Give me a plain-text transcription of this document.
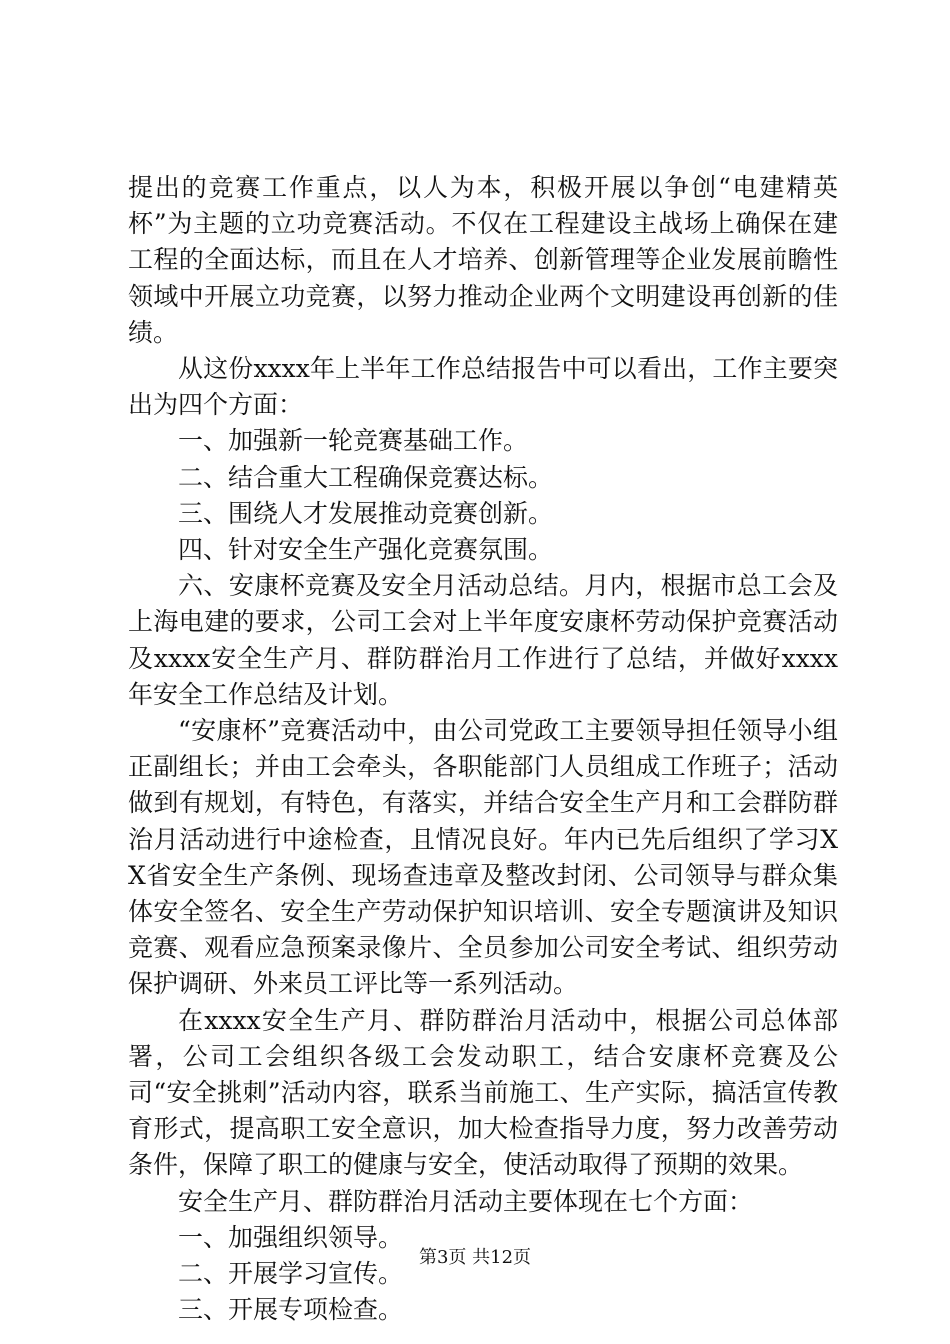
提出的竞赛工作重点，以人为本，积极开展以争创“电建精英杯”为主题的立功竞赛活动。不仅在工程建设主战场上确保在建工程的全面达标，而且在人才培养、创新管理等企业发展前瞻性领域中开展立功竞赛，以努力推动企业两个文明建设再创新的佳绩。

从这份xxxx年上半年工作总结报告中可以看出，工作主要突出为四个方面：

一、加强新一轮竞赛基础工作。

二、结合重大工程确保竞赛达标。

三、围绕人才发展推动竞赛创新。

四、针对安全生产强化竞赛氛围。

六、安康杯竞赛及安全月活动总结。月内，根据市总工会及上海电建的要求，公司工会对上半年度安康杯劳动保护竞赛活动及xxxx安全生产月、群防群治月工作进行了总结，并做好xxxx年安全工作总结及计划。

“安康杯”竞赛活动中，由公司党政工主要领导担任领导小组正副组长；并由工会牵头，各职能部门人员组成工作班子；活动做到有规划，有特色，有落实，并结合安全生产月和工会群防群治月活动进行中途检查，且情况良好。年内已先后组织了学习XX省安全生产条例、现场查违章及整改封闭、公司领导与群众集体安全签名、安全生产劳动保护知识培训、安全专题演讲及知识竞赛、观看应急预案录像片、全员参加公司安全考试、组织劳动保护调研、外来员工评比等一系列活动。

在xxxx安全生产月、群防群治月活动中，根据公司总体部署，公司工会组织各级工会发动职工，结合安康杯竞赛及公司“安全挑刺”活动内容，联系当前施工、生产实际，搞活宣传教育形式，提高职工安全意识，加大检查指导力度，努力改善劳动条件，保障了职工的健康与安全，使活动取得了预期的效果。

安全生产月、群防群治月活动主要体现在七个方面：

一、加强组织领导。

二、开展学习宣传。

三、开展专项检查。

第3页 共12页
